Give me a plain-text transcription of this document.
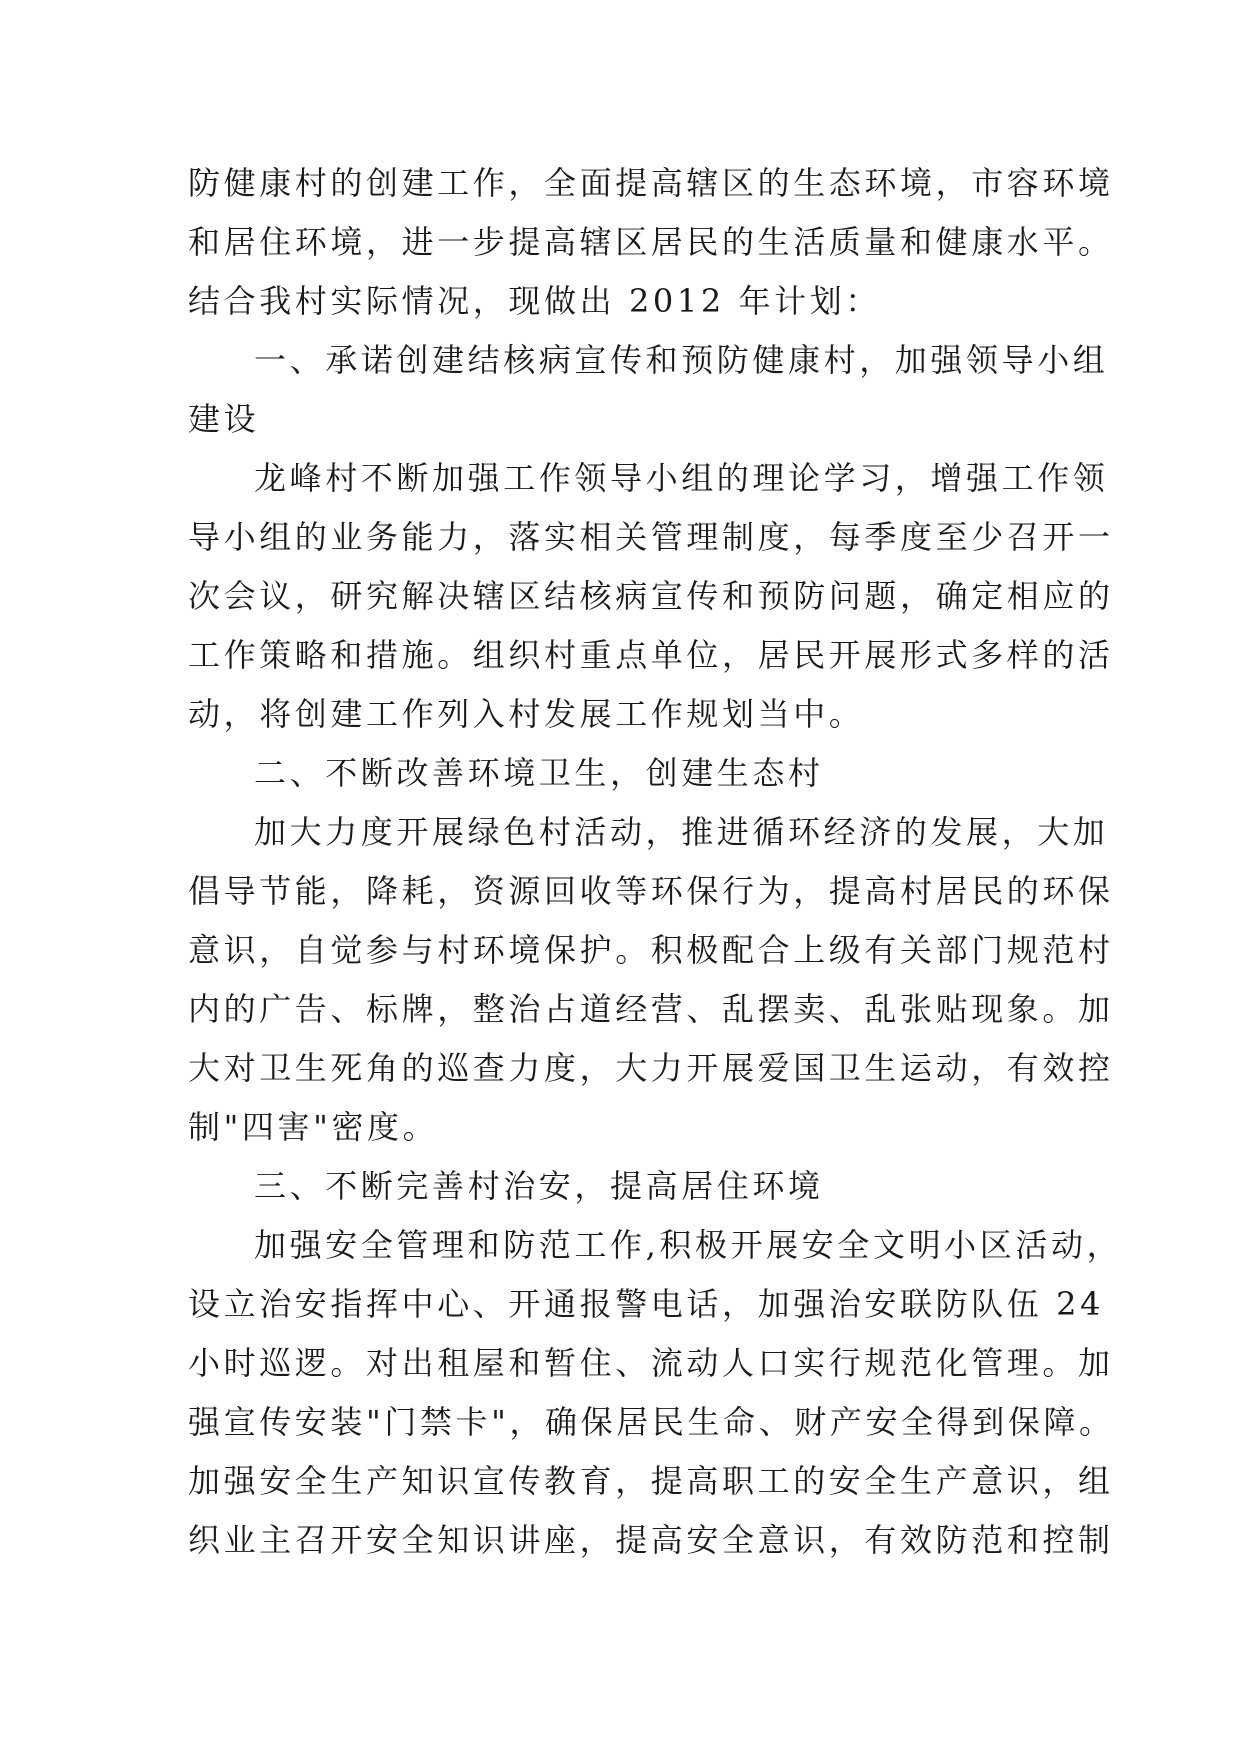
防健康村的创建工作，全面提高辖区的生态环境，市容环境
和居住环境，进一步提高辖区居民的生活质量和健康水平。
结合我村实际情况，现做出 2012 年计划：
一、承诺创建结核病宣传和预防健康村，加强领导小组
建设
龙峰村不断加强工作领导小组的理论学习，增强工作领
导小组的业务能力，落实相关管理制度，每季度至少召开一
次会议，研究解决辖区结核病宣传和预防问题，确定相应的
工作策略和措施。组织村重点单位，居民开展形式多样的活
动，将创建工作列入村发展工作规划当中。
二、不断改善环境卫生，创建生态村
加大力度开展绿色村活动，推进循环经济的发展，大加
倡导节能，降耗，资源回收等环保行为，提高村居民的环保
意识，自觉参与村环境保护。积极配合上级有关部门规范村
内的广告、标牌，整治占道经营、乱摆卖、乱张贴现象。加
大对卫生死角的巡查力度，大力开展爱国卫生运动，有效控
制"四害"密度。
三、不断完善村治安，提高居住环境
加强安全管理和防范工作,积极开展安全文明小区活动，
设立治安指挥中心、开通报警电话，加强治安联防队伍 24
小时巡逻。对出租屋和暂住、流动人口实行规范化管理。加
强宣传安装"门禁卡"，确保居民生命、财产安全得到保障。
加强安全生产知识宣传教育，提高职工的安全生产意识，组
织业主召开安全知识讲座，提高安全意识，有效防范和控制
